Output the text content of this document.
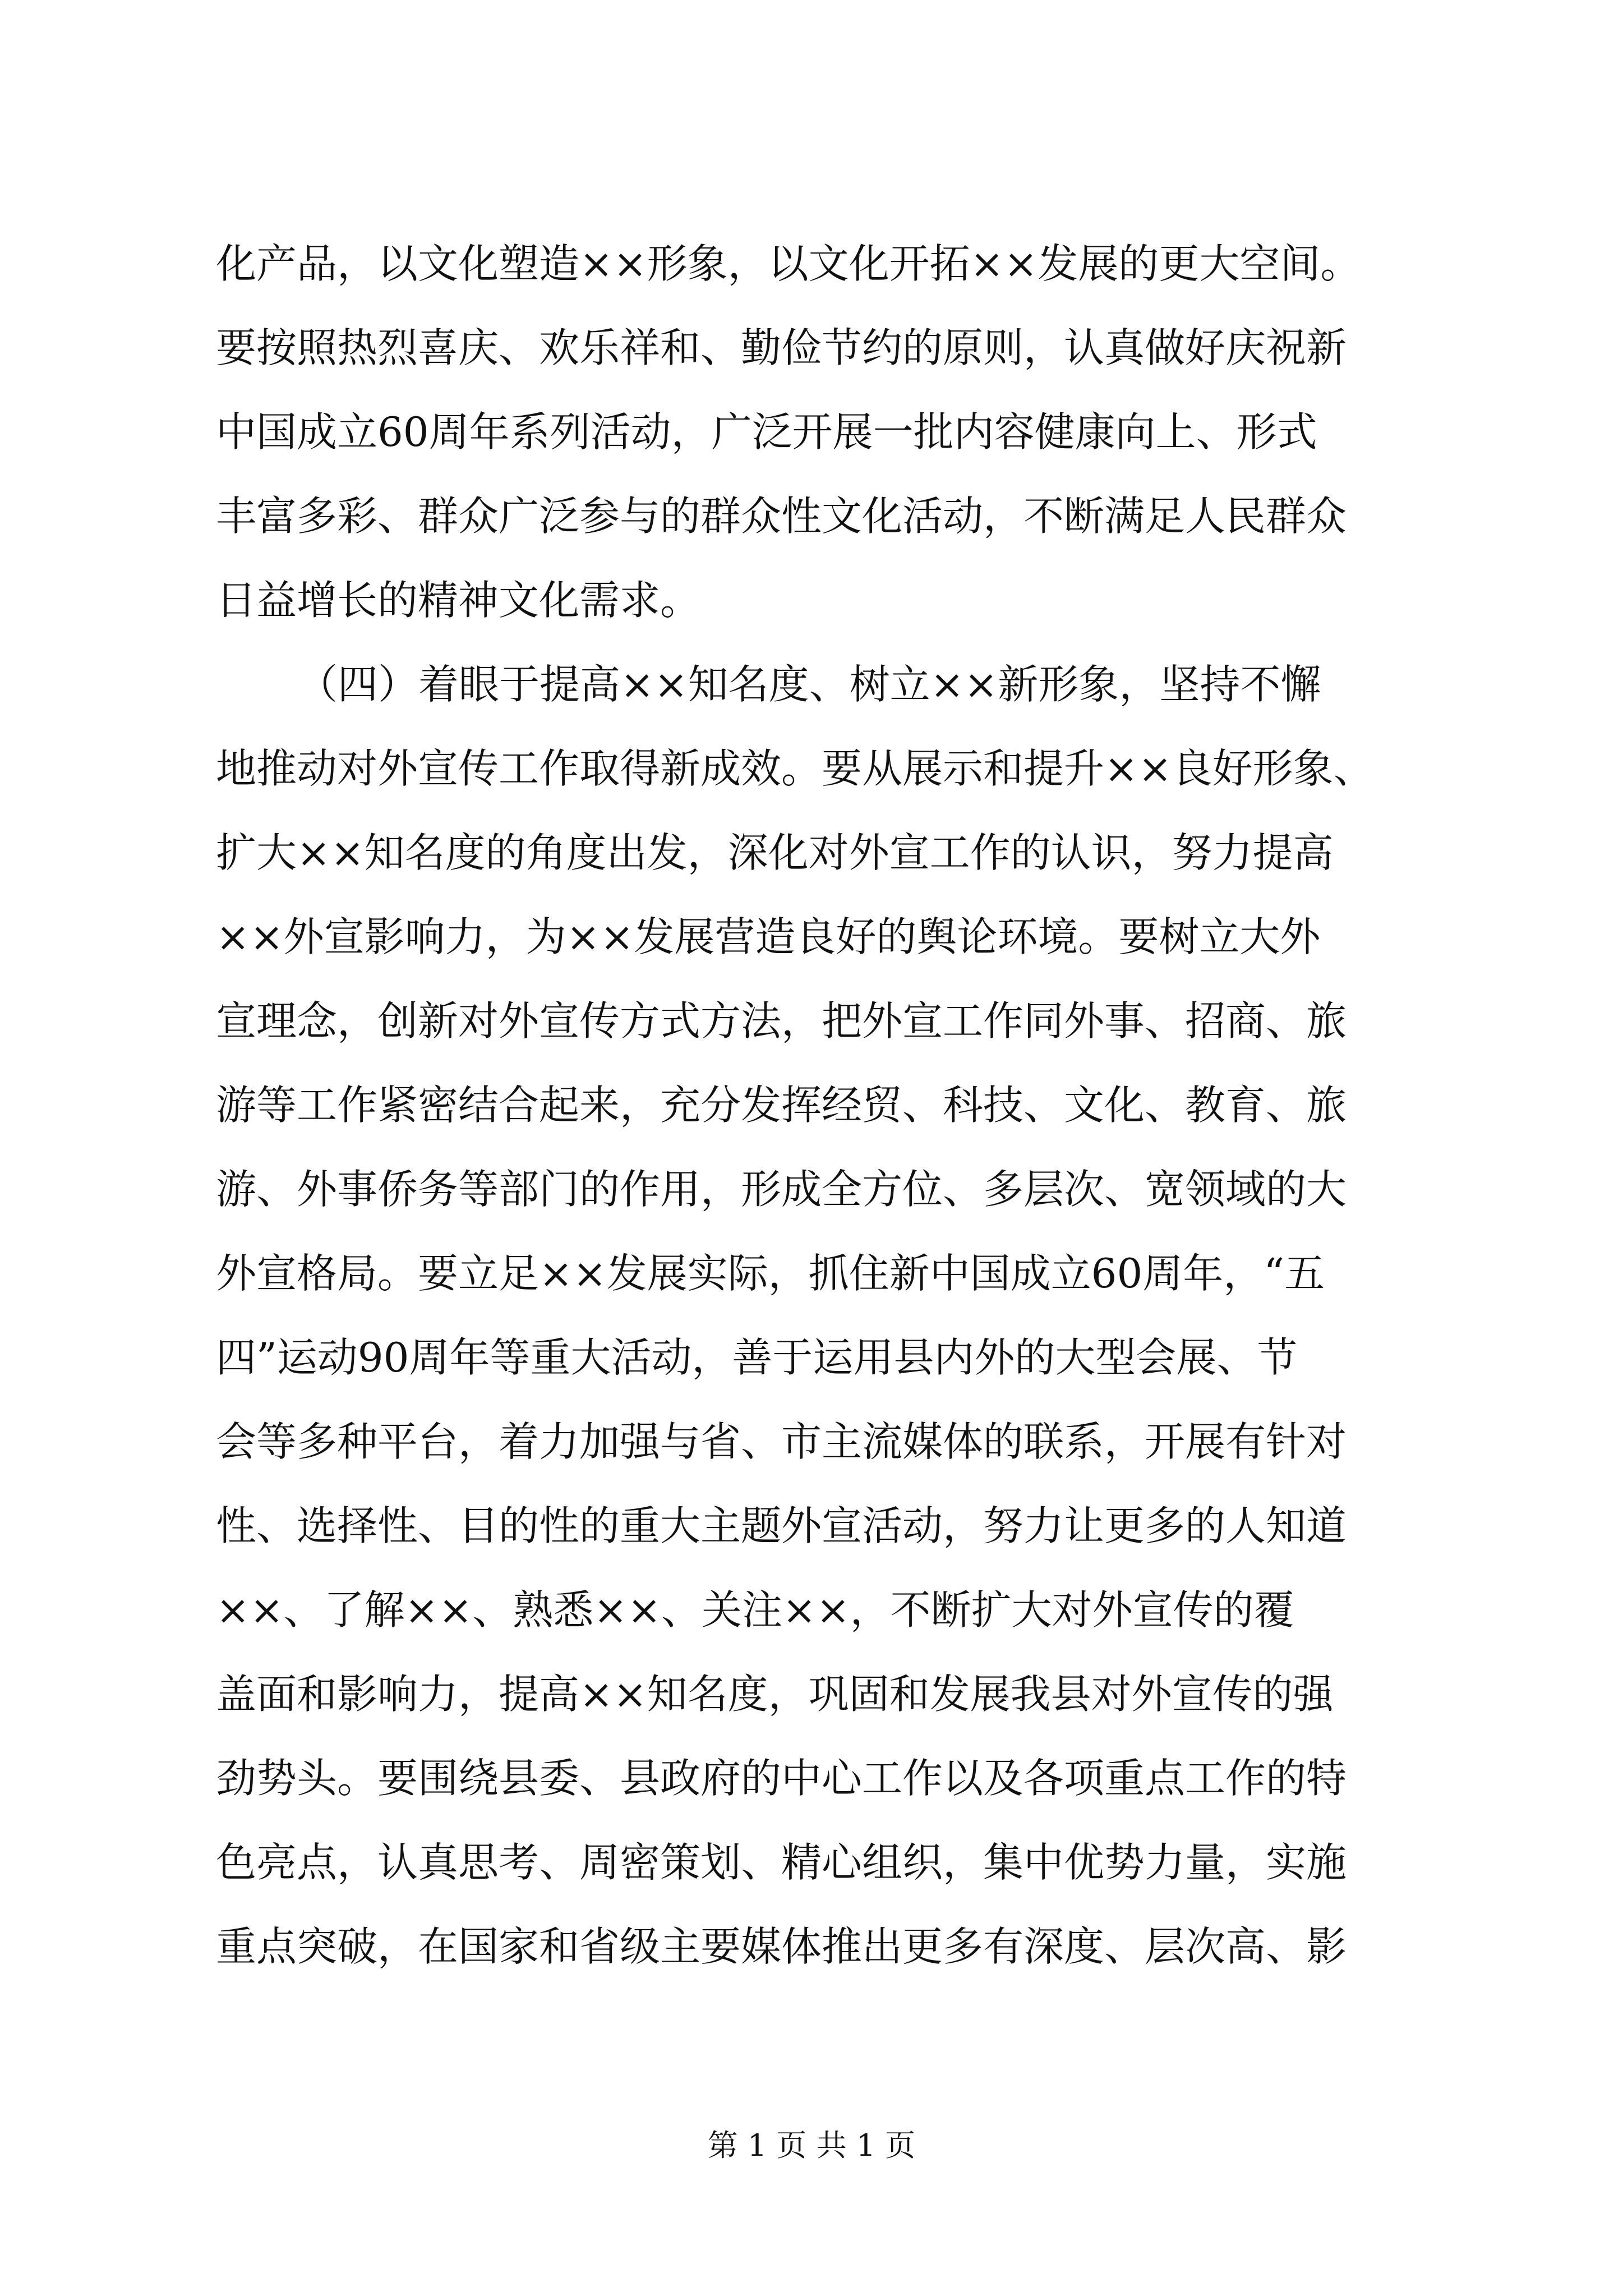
化产品，以文化塑造××形象，以文化开拓××发展的更大空间。
要按照热烈喜庆、欢乐祥和、勤俭节约的原则，认真做好庆祝新
中国成立60周年系列活动，广泛开展一批内容健康向上、形式
丰富多彩、群众广泛参与的群众性文化活动，不断满足人民群众
日益增长的精神文化需求。
（四）着眼于提高××知名度、树立××新形象，坚持不懈
地推动对外宣传工作取得新成效。要从展示和提升××良好形象、
扩大××知名度的角度出发，深化对外宣工作的认识，努力提高
××外宣影响力，为××发展营造良好的舆论环境。要树立大外
宣理念，创新对外宣传方式方法，把外宣工作同外事、招商、旅
游等工作紧密结合起来，充分发挥经贸、科技、文化、教育、旅
游、外事侨务等部门的作用，形成全方位、多层次、宽领域的大
外宣格局。要立足××发展实际，抓住新中国成立60周年，“五
四”运动90周年等重大活动，善于运用县内外的大型会展、节
会等多种平台，着力加强与省、市主流媒体的联系，开展有针对
性、选择性、目的性的重大主题外宣活动，努力让更多的人知道
××、了解××、熟悉××、关注××，不断扩大对外宣传的覆
盖面和影响力，提高××知名度，巩固和发展我县对外宣传的强
劲势头。要围绕县委、县政府的中心工作以及各项重点工作的特
色亮点，认真思考、周密策划、精心组织，集中优势力量，实施
重点突破，在国家和省级主要媒体推出更多有深度、层次高、影
第 1 页 共 1 页
